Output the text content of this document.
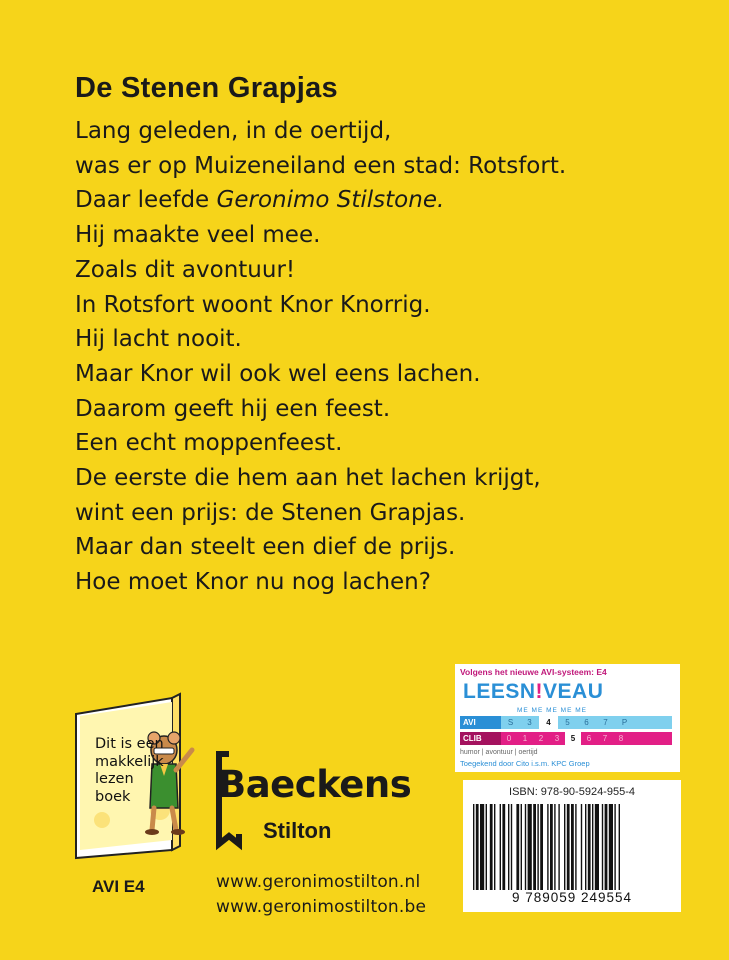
De Stenen Grapjas
Lang geleden, in de oertijd,
was er op Muizeneiland een stad: Rotsfort.
Daar leefde Geronimo Stilstone.
Hij maakte veel mee.
Zoals dit avontuur!
In Rotsfort woont Knor Knorrig.
Hij lacht nooit.
Maar Knor wil ook wel eens lachen.
Daarom geeft hij een feest.
Een echt moppenfeest.
De eerste die hem aan het lachen krijgt,
wint een prijs: de Stenen Grapjas.
Maar dan steelt een dief de prijs.
Hoe moet Knor nu nog lachen?
Dit is een
makkelijk
lezen
boek
AVI E4
Baeckens
Stilton
www.geronimostilton.nl
www.geronimostilton.be
Volgens het nieuwe AVI-systeem: E4
LEESN!VEAU
ME ME ME ME ME
AVI	S	3	4	5	6	7	P
CLIB	0	1	2	3	5	6	7	8
humor | avontuur | oertijd
Toegekend door Cito i.s.m. KPC Groep
ISBN: 978-90-5924-955-4
9 789059 249554
